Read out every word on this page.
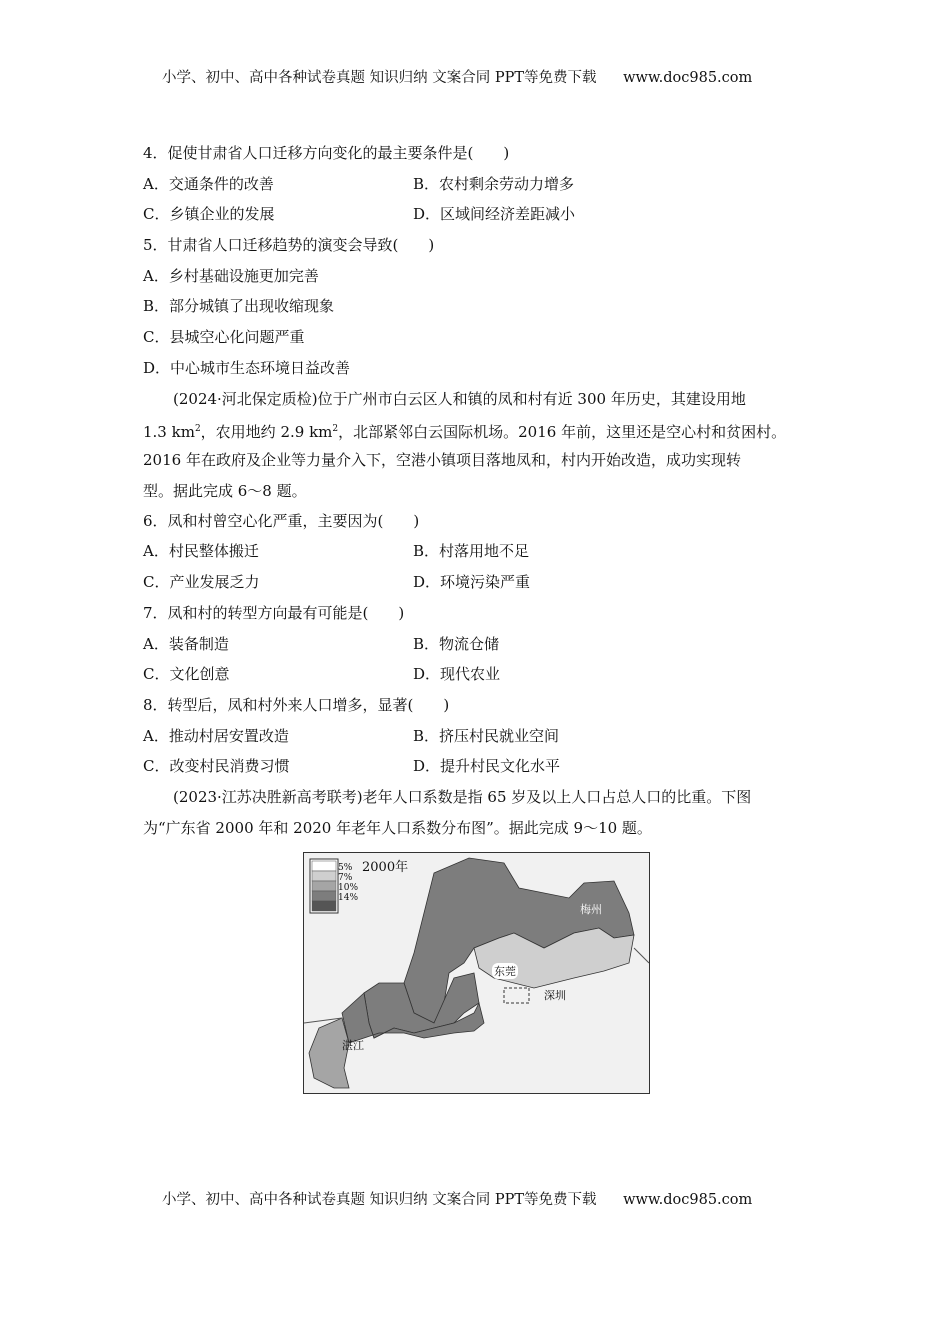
小学、初中、高中各种试卷真题 知识归纳 文案合同 PPT等免费下载 www.doc985.com
4．促使甘肃省人口迁移方向变化的最主要条件是(　　)
A．交通条件的改善	B．农村剩余劳动力增多
C．乡镇企业的发展	D．区域间经济差距减小
5．甘肃省人口迁移趋势的演变会导致(　　)
A．乡村基础设施更加完善
B．部分城镇了出现收缩现象
C．县城空心化问题严重
D．中心城市生态环境日益改善
(2024·河北保定质检)位于广州市白云区人和镇的凤和村有近 300 年历史，其建设用地
1.3 $km^2$，农用地约 2.9 $km^2$，北部紧邻白云国际机场。2016 年前，这里还是空心村和贫困村。
2016 年在政府及企业等力量介入下，空港小镇项目落地凤和，村内开始改造，成功实现转
型。据此完成 6～8 题。
6．凤和村曾空心化严重，主要因为(　　)
A．村民整体搬迁	B．村落用地不足
C．产业发展乏力	D．环境污染严重
7．凤和村的转型方向最有可能是(　　)
A．装备制造	B．物流仓储
C．文化创意	D．现代农业
8．转型后，凤和村外来人口增多，显著(　　)
A．推动村居安置改造	B．挤压村民就业空间
C．改变村民消费习惯	D．提升村民文化水平
(2023·江苏决胜新高考联考)老年人口系数是指 65 岁及以上人口占总人口的比重。下图
为“广东省 2000 年和 2020 年老年人口系数分布图”。据此完成 9～10 题。
5%
7%
10%
14%
2000年
梅州
东莞
深圳
湛江
小学、初中、高中各种试卷真题 知识归纳 文案合同 PPT等免费下载 www.doc985.com
